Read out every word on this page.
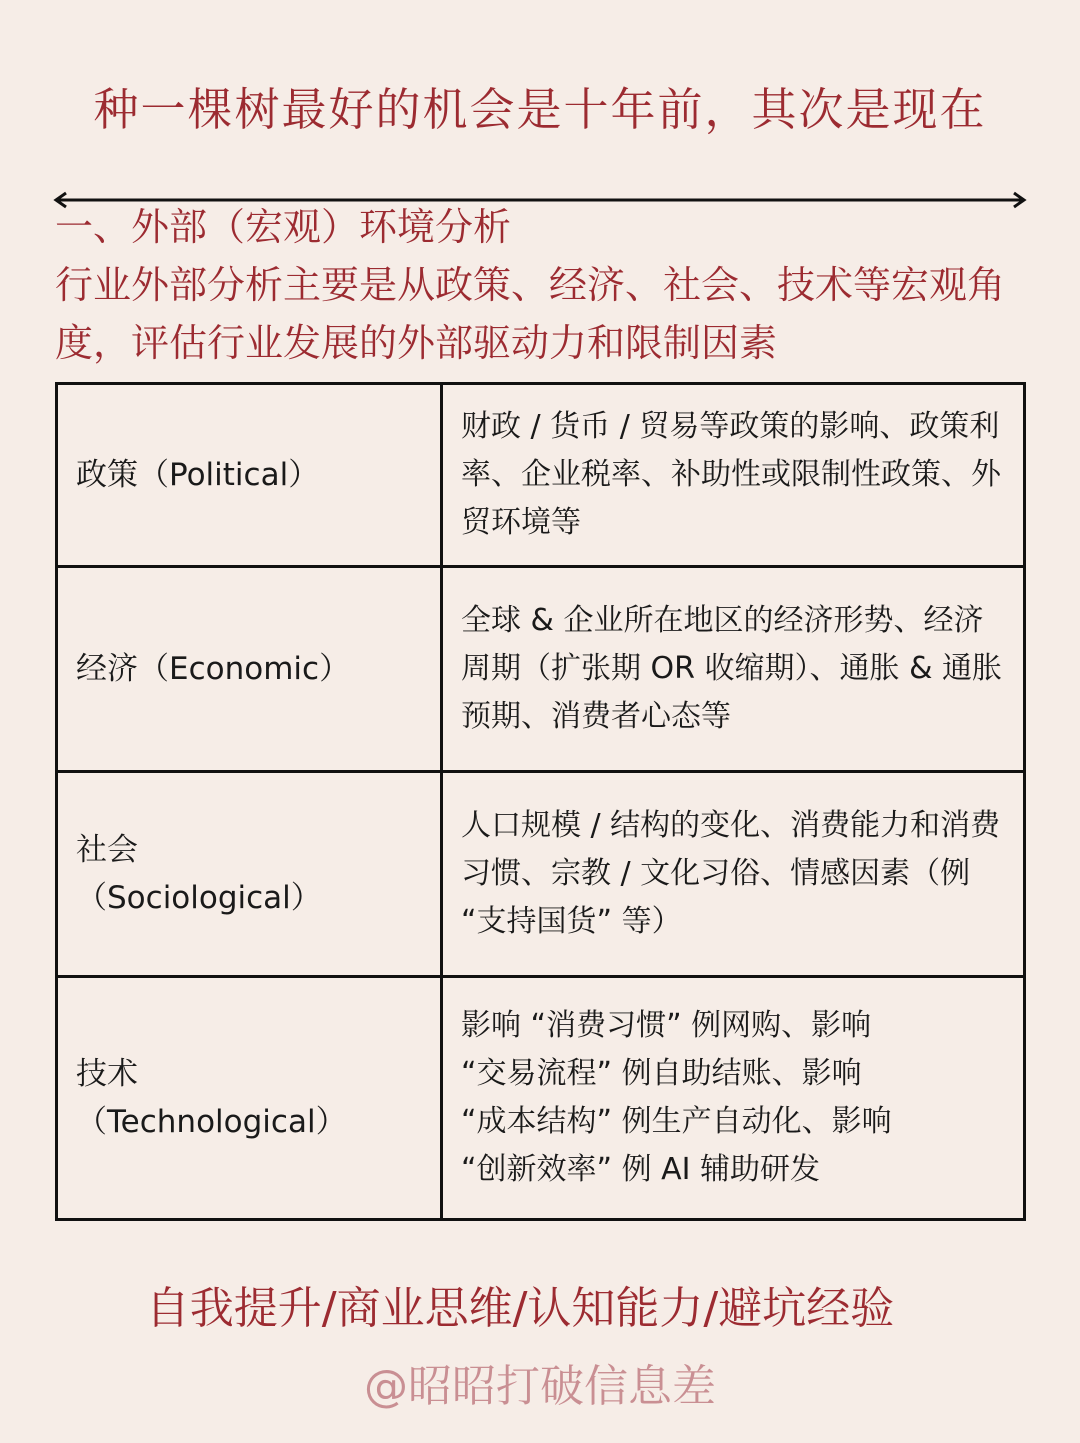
种一棵树最好的机会是十年前，其次是现在
一、外部（宏观）环境分析
行业外部分析主要是从政策、经济、社会、技术等宏观角度，评估行业发展的外部驱动力和限制因素
政策（Political）	财政 / 货币 / 贸易等政策的影响、政策利率、企业税率、补助性或限制性政策、外贸环境等
经济（Economic）	全球 & 企业所在地区的经济形势、经济周期（扩张期 OR 收缩期）、通胀 & 通胀预期、消费者心态等

社会
（Sociological）	人口规模 / 结构的变化、消费能力和消费习惯、宗教 / 文化习俗、情感因素（例 “支持国货” 等）

技术
（Technological）	影响 “消费习惯” 例网购、影响
“交易流程” 例自助结账、影响
“成本结构” 例生产自动化、影响
“创新效率” 例 AI 辅助研发
自我提升/商业思维/认知能力/避坑经验
@昭昭打破信息差
